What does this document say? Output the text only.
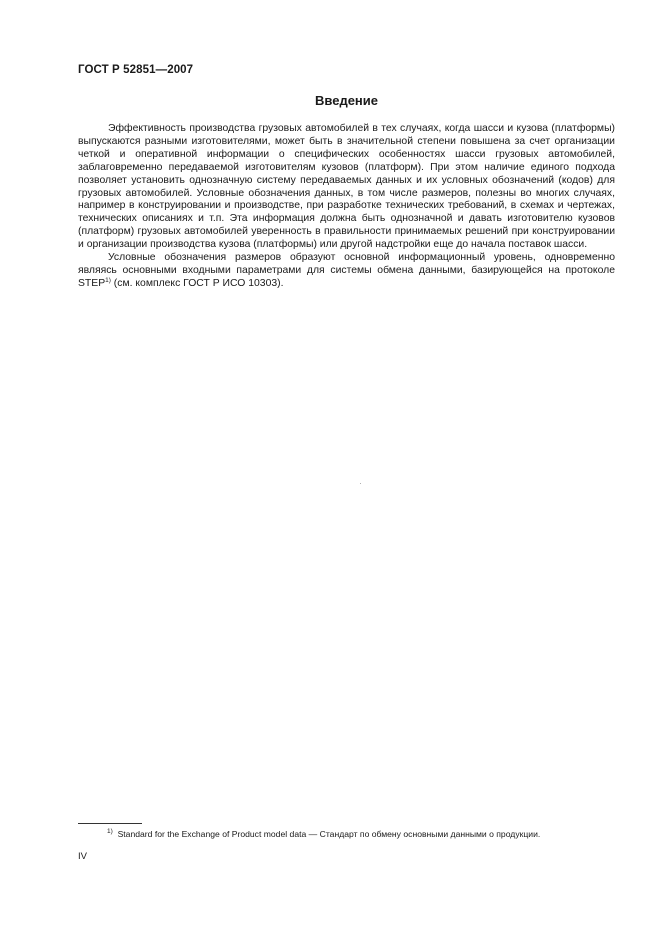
ГОСТ Р 52851—2007
Введение

Эффективность производства грузовых автомобилей в тех случаях, когда шасси и кузова (платформы) выпускаются разными изготовителями, может быть в значительной степени повышена за счет организации четкой и оперативной информации о специфических особенностях шасси грузовых автомобилей, заблаговременно передаваемой изготовителям кузовов (платформ). При этом наличие единого подхода позволяет установить однозначную систему передаваемых данных и их условных обозначений (кодов) для грузовых автомобилей. Условные обозначения данных, в том числе размеров, полезны во многих случаях, например в конструировании и производстве, при разработке технических требований, в схемах и чертежах, технических описаниях и т.п. Эта информация должна быть однозначной и давать изготовителю кузовов (платформ) грузовых автомобилей уверенность в правильности принимаемых решений при конструировании и организации производства кузова (платформы) или другой надстройки еще до начала поставок шасси.

Условные обозначения размеров образуют основной информационный уровень, одновременно являясь основными входными параметрами для системы обмена данными, базирующейся на протоколе STEP$^{1)}$ (см. комплекс ГОСТ Р ИСО 10303).

$^{1)}$ Standard for the Exchange of Product model data — Стандарт по обмену основными данными о продукции.
IV
